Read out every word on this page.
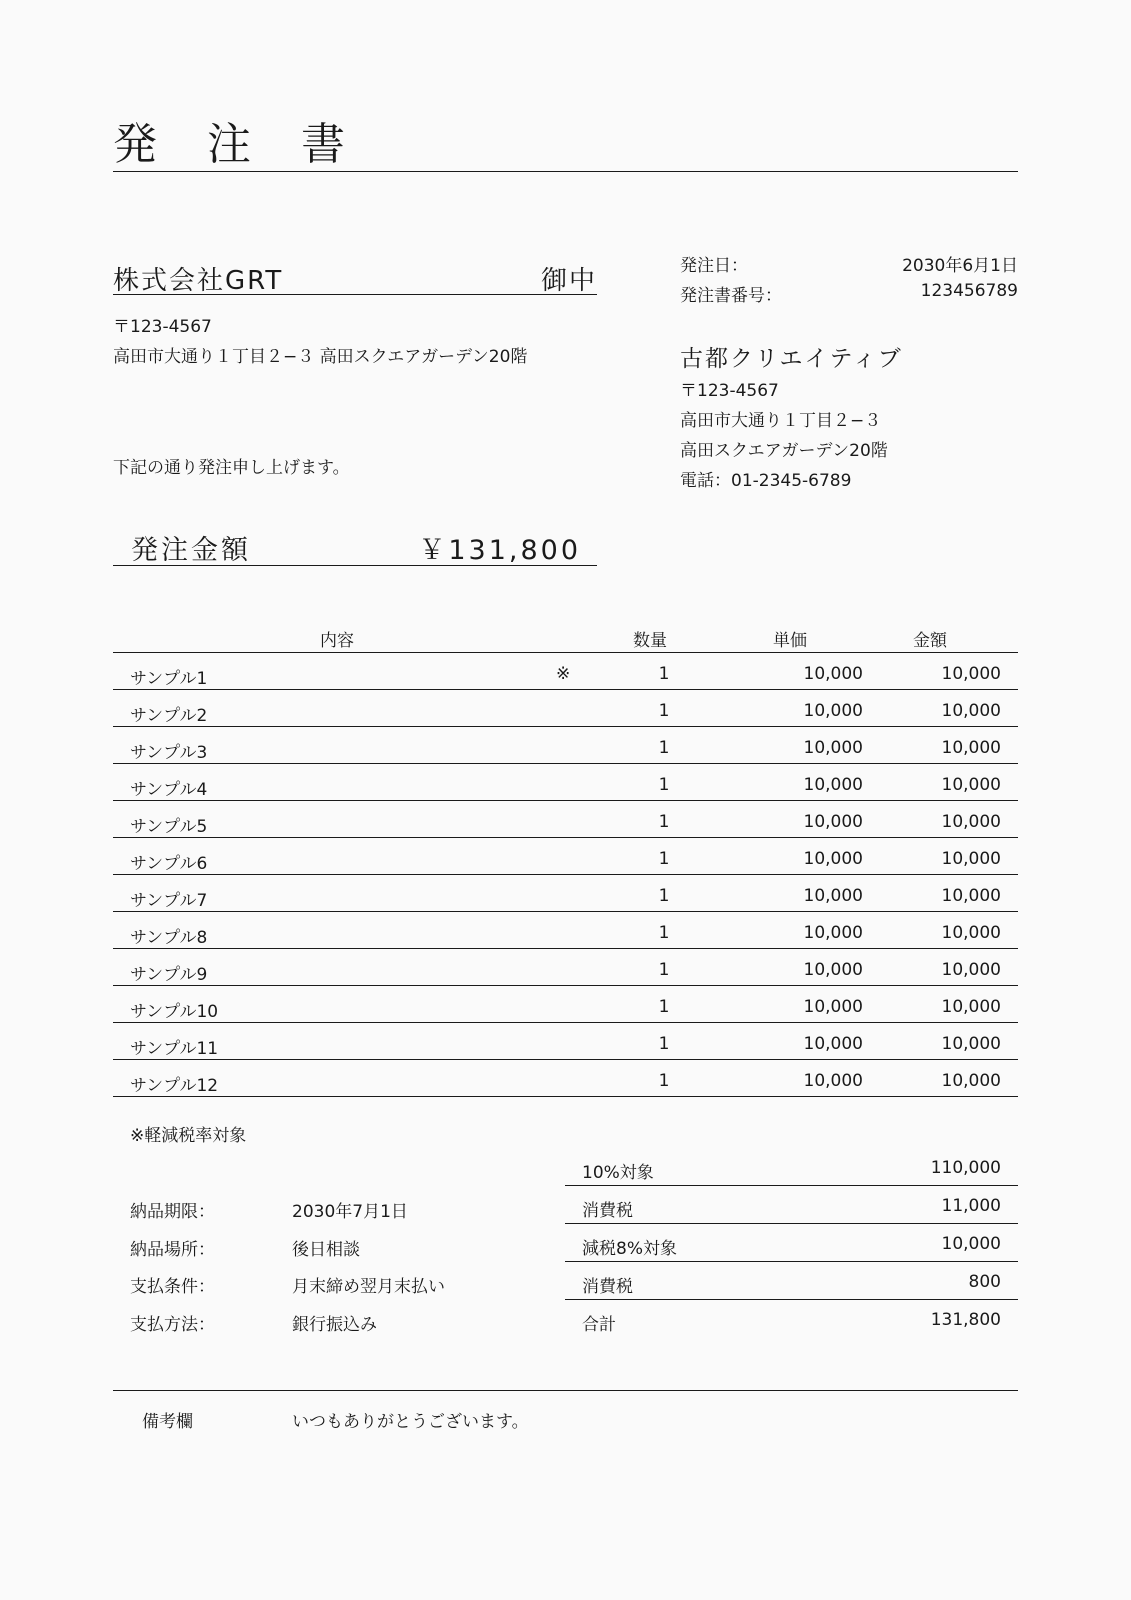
発 注 書
株式会社GRT	御中
〒123-4567
高田市大通り１丁目２−３ 高田スクエアガーデン20階
下記の通り発注申し上げます。
発注日：	2030年6月1日
発注書番号：	123456789
古都クリエイティブ
〒123-4567
高田市大通り１丁目２−３
高田スクエアガーデン20階
電話：01-2345-6789
発注金額	￥131,800
内容	数量	単価	金額
サンプル1	※	1	10,000	10,000
サンプル2	1	10,000	10,000
サンプル3	1	10,000	10,000
サンプル4	1	10,000	10,000
サンプル5	1	10,000	10,000
サンプル6	1	10,000	10,000
サンプル7	1	10,000	10,000
サンプル8	1	10,000	10,000
サンプル9	1	10,000	10,000
サンプル10	1	10,000	10,000
サンプル11	1	10,000	10,000
サンプル12	1	10,000	10,000
※軽減税率対象
納品期限：	2030年7月1日
納品場所：	後日相談
支払条件：	月末締め翌月末払い
支払方法：	銀行振込み
10%対象	110,000
消費税	11,000
減税8%対象	10,000
消費税	800
合計	131,800
備考欄	いつもありがとうございます。
